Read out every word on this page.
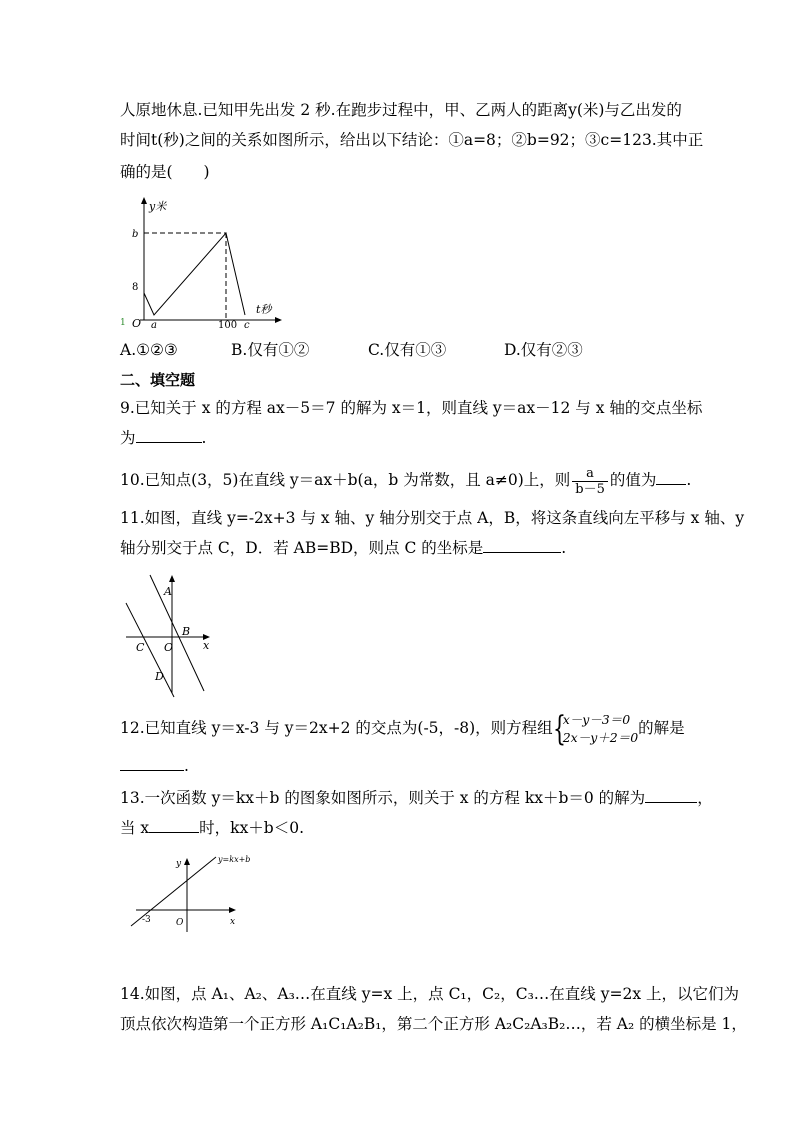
人原地休息.已知甲先出发 2 秒.在跑步过程中，甲、乙两人的距离y(米)与乙出发的
时间t(秒)之间的关系如图所示，给出以下结论：①a=8；②b=92；③c=123.其中正
确的是(　　)
y米
b
8
t秒
1 O a	100 c
A.①②③	B.仅有①②	C.仅有①③	D.仅有②③
二、填空题
9.已知关于 x 的方程 ax－5＝7 的解为 x＝1，则直线 y＝ax－12 与 x 轴的交点坐标
为	.
10.已知点(3，5)在直线 y＝ax＋b(a，b 为常数，且 a≠0)上，则 $\frac{a}{b-5}$ 的值为 .
11.如图，直线 y=-2x+3 与 x 轴、y 轴分别交于点 A，B，将这条直线向左平移与 x 轴、y
轴分别交于点 C，D．若 AB=BD，则点 C 的坐标是	.
A
B
C O	x
D
12.已知直线 y＝x-3 与 y＝2x+2 的交点为(-5，-8)，则方程组 {
x－y－3＝0
2x－y＋2＝0
的解是
.
13.一次函数 y＝kx＋b 的图象如图所示，则关于 x 的方程 kx＋b＝0 的解为	，
当 x	时，kx＋b＜0.
y	y=kx+b
-3	O	x
14.如图，点 A₁、A₂、A₃…在直线 y=x 上，点 C₁，C₂，C₃…在直线 y=2x 上，以它们为
顶点依次构造第一个正方形 A₁C₁A₂B₁，第二个正方形 A₂C₂A₃B₂…，若 A₂ 的横坐标是 1，
